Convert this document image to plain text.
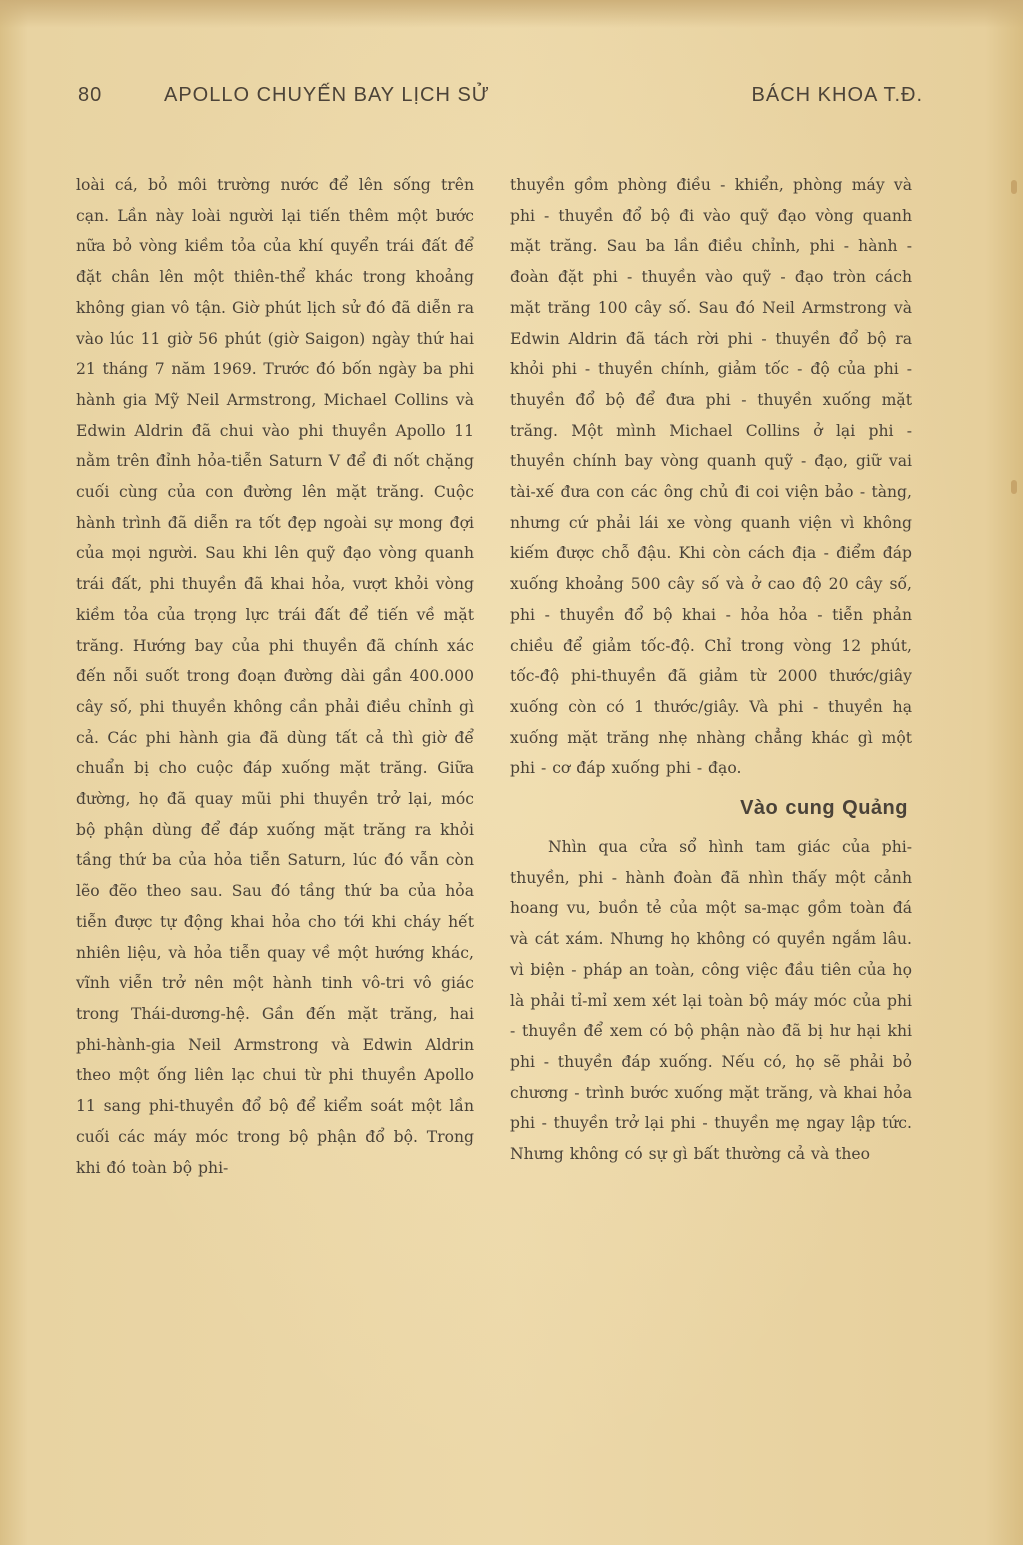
80	APOLLO CHUYẾN BAY LỊCH SỬ	BÁCH KHOA T.Đ.

loài cá, bỏ môi trường nước để lên sống trên cạn. Lần này loài người lại tiến thêm một bước nữa bỏ vòng kiềm tỏa của khí quyển trái đất để đặt chân lên một thiên-thể khác trong khoảng không gian vô tận. Giờ phút lịch sử đó đã diễn ra vào lúc 11 giờ 56 phút (giờ Saigon) ngày thứ hai 21 tháng 7 năm 1969. Trước đó bốn ngày ba phi hành gia Mỹ Neil Armstrong, Michael Collins và Edwin Aldrin đã chui vào phi thuyền Apollo 11 nằm trên đỉnh hỏa-tiễn Saturn V để đi nốt chặng cuối cùng của con đường lên mặt trăng. Cuộc hành trình đã diễn ra tốt đẹp ngoài sự mong đợi của mọi người. Sau khi lên quỹ đạo vòng quanh trái đất, phi thuyền đã khai hỏa, vượt khỏi vòng kiềm tỏa của trọng lực trái đất để tiến về mặt trăng. Hướng bay của phi thuyền đã chính xác đến nỗi suốt trong đoạn đường dài gần 400.000 cây số, phi thuyền không cần phải điều chỉnh gì cả. Các phi hành gia đã dùng tất cả thì giờ để chuẩn bị cho cuộc đáp xuống mặt trăng. Giữa đường, họ đã quay mũi phi thuyền trở lại, móc bộ phận dùng để đáp xuống mặt trăng ra khỏi tầng thứ ba của hỏa tiễn Saturn, lúc đó vẫn còn lẽo đẽo theo sau. Sau đó tầng thứ ba của hỏa tiễn được tự động khai hỏa cho tới khi cháy hết nhiên liệu, và hỏa tiễn quay về một hướng khác, vĩnh viễn trở nên một hành tinh vô-tri vô giác trong Thái-dương-hệ. Gần đến mặt trăng, hai phi-hành-gia Neil Armstrong và Edwin Aldrin theo một ống liên lạc chui từ phi thuyền Apollo 11 sang phi-thuyền đổ bộ để kiểm soát một lần cuối các máy móc trong bộ phận đổ bộ. Trong khi đó toàn bộ phi-

thuyền gồm phòng điều - khiển, phòng máy và phi - thuyền đổ bộ đi vào quỹ đạo vòng quanh mặt trăng. Sau ba lần điều chỉnh, phi - hành - đoàn đặt phi - thuyền vào quỹ - đạo tròn cách mặt trăng 100 cây số. Sau đó Neil Armstrong và Edwin Aldrin đã tách rời phi - thuyền đổ bộ ra khỏi phi - thuyền chính, giảm tốc - độ của phi - thuyền đổ bộ để đưa phi - thuyền xuống mặt trăng. Một mình Michael Collins ở lại phi - thuyền chính bay vòng quanh quỹ - đạo, giữ vai tài-xế đưa con các ông chủ đi coi viện bảo - tàng, nhưng cứ phải lái xe vòng quanh viện vì không kiếm được chỗ đậu. Khi còn cách địa - điểm đáp xuống khoảng 500 cây số và ở cao độ 20 cây số, phi - thuyền đổ bộ khai - hỏa hỏa - tiễn phản chiều để giảm tốc-độ. Chỉ trong vòng 12 phút, tốc-độ phi-thuyền đã giảm từ 2000 thước/giây xuống còn có 1 thước/giây. Và phi - thuyền hạ xuống mặt trăng nhẹ nhàng chẳng khác gì một phi - cơ đáp xuống phi - đạo.

Vào cung Quảng

Nhìn qua cửa sổ hình tam giác của phi-thuyền, phi - hành đoàn đã nhìn thấy một cảnh hoang vu, buồn tẻ của một sa-mạc gồm toàn đá và cát xám. Nhưng họ không có quyền ngắm lâu. vì biện - pháp an toàn, công việc đầu tiên của họ là phải tỉ-mỉ xem xét lại toàn bộ máy móc của phi - thuyền để xem có bộ phận nào đã bị hư hại khi phi - thuyền đáp xuống. Nếu có, họ sẽ phải bỏ chương - trình bước xuống mặt trăng, và khai hỏa phi - thuyền trở lại phi - thuyền mẹ ngay lập tức. Nhưng không có sự gì bất thường cả và theo
